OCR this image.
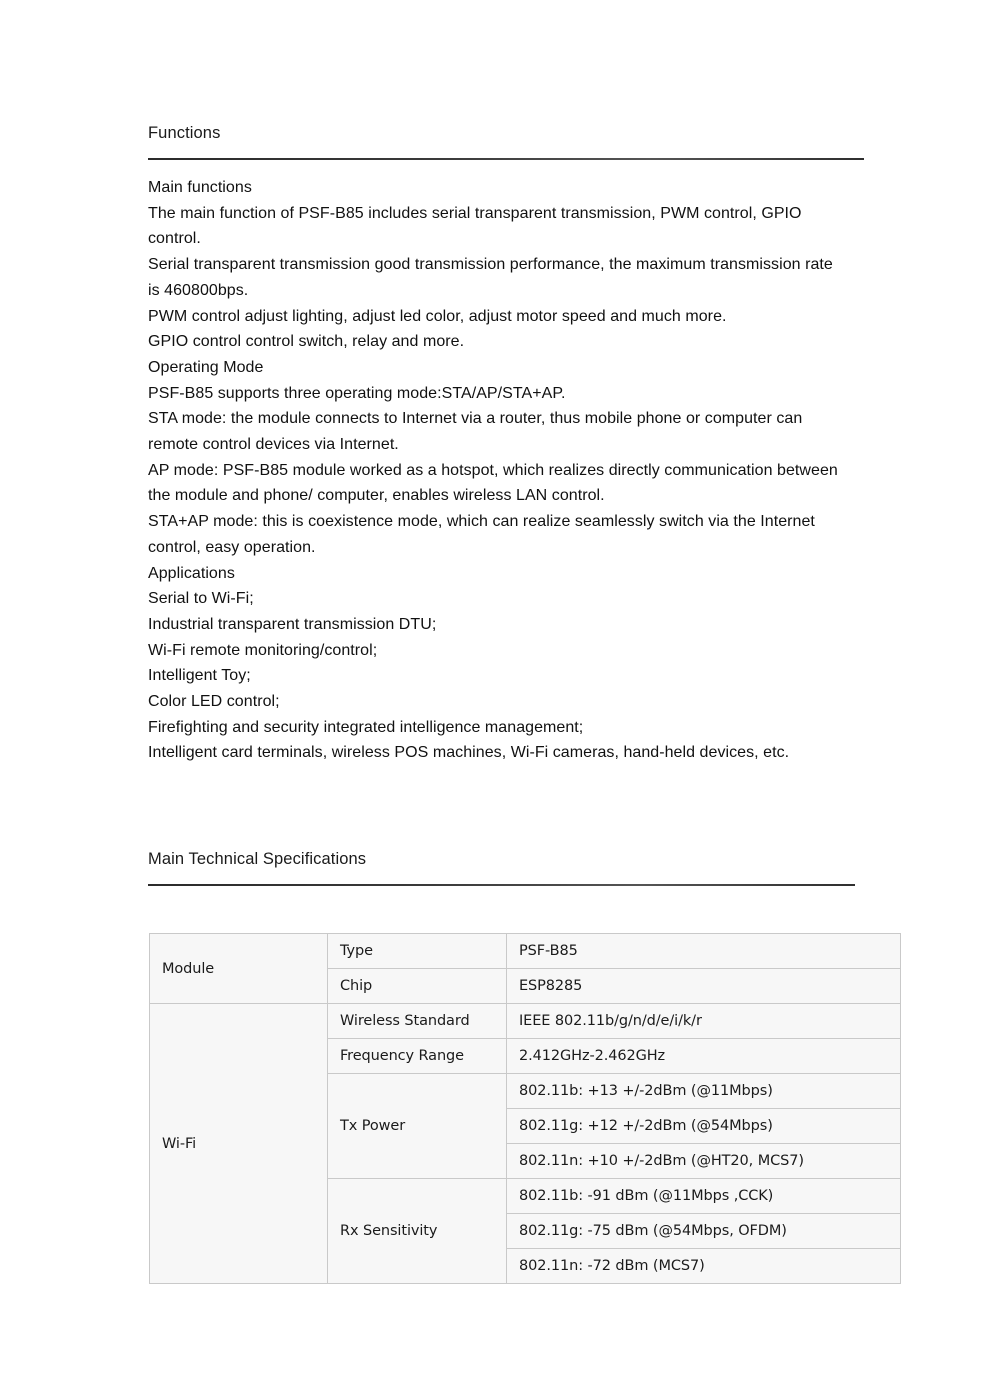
Functions

Main functions

The main function of PSF-B85 includes serial transparent transmission, PWM control, GPIO control.

Serial transparent transmission good transmission performance, the maximum transmission rate is 460800bps.

PWM control adjust lighting, adjust led color, adjust motor speed and much more.

GPIO control control switch, relay and more.

Operating Mode

PSF-B85 supports three operating mode:STA/AP/STA+AP.

STA mode: the module connects to Internet via a router, thus mobile phone or computer can remote control devices via Internet.

AP mode: PSF-B85 module worked as a hotspot, which realizes directly communication between the module and phone/ computer, enables wireless LAN control.

STA+AP mode: this is coexistence mode, which can realize seamlessly switch via the Internet control, easy operation.

Applications

Serial to Wi-Fi;

Industrial transparent transmission DTU;

Wi-Fi remote monitoring/control;

Intelligent Toy;

Color LED control;

Firefighting and security integrated intelligence management;

Intelligent card terminals, wireless POS machines, Wi-Fi cameras, hand-held devices, etc.

Main Technical Specifications
Module	Type	PSF-B85
	Chip	ESP8285
Wi-Fi	Wireless Standard	IEEE 802.11b/g/n/d/e/i/k/r
	Frequency Range	2.412GHz-2.462GHz
	Tx Power	802.11b: +13 +/-2dBm (@11Mbps)
		802.11g: +12 +/-2dBm (@54Mbps)
		802.11n: +10 +/-2dBm (@HT20, MCS7)
	Rx Sensitivity	802.11b: -91 dBm (@11Mbps ,CCK)
		802.11g: -75 dBm (@54Mbps, OFDM)
		802.11n: -72 dBm (MCS7)
